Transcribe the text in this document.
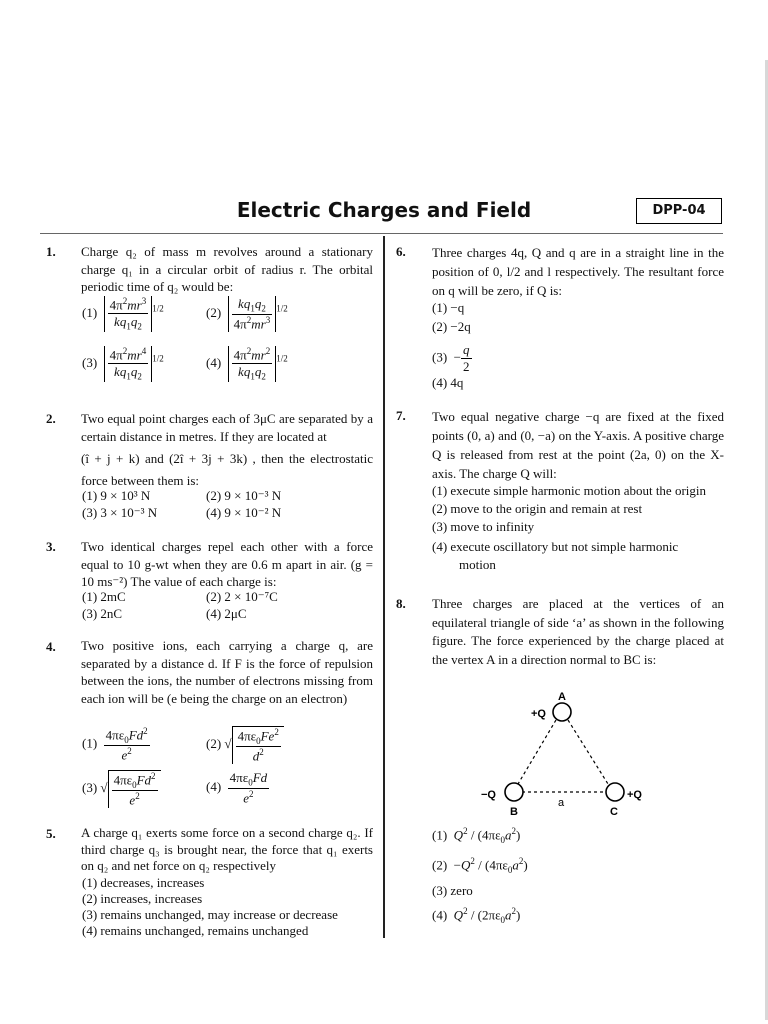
Electric Charges and Field	DPP-04
1. Charge q₂ of mass m revolves around a stationary charge q₁ in a circular orbit of radius r. The orbital periodic time of q₂ would be:
$(1) \frac{4\pi^2mr^3}{kq_1q_2} ^{1/2}$	$(2) \frac{kq_1q_2}{4\pi^2mr^3} ^{1/2}$
$(3) \frac{4\pi^2mr^4}{kq_1q_2} ^{1/2}$	$(4) \frac{4\pi^2mr^2}{kq_1q_2} ^{1/2}$
2. Two equal point charges each of 3μC are separated by a certain distance in metres. If they are located at
(î + j + k) and (2î + 3j + 3k) , then the electrostatic force between them is:
(1) 9 × 10³ N	(2) 9 × 10⁻³ N
(3) 3 × 10⁻³ N	(4) 9 × 10⁻² N
3. Two identical charges repel each other with a force equal to 10 g-wt when they are 0.6 m apart in air. (g = 10 ms⁻²) The value of each charge is:
(1) 2mC	(2) 2 × 10⁻⁷C
(3) 2nC	(4) 2μC
4. Two positive ions, each carrying a charge q, are separated by a distance d. If F is the force of repulsion between the ions, the number of electrons missing from each ion will be (e being the charge on an electron)
$(1) \frac{4\pi\varepsilon_0Fd^2}{e^2}$	(2) √ $\frac{4\pi\varepsilon_0Fe^2}{d^2}$
(3) √ $\frac{4\pi\varepsilon_0Fd^2}{e^2}$	$(4) \frac{4\pi\varepsilon_0Fd}{e^2}$
5. A charge q₁ exerts some force on a second charge q₂. If third charge q₃ is brought near, the force that q₁ exerts on q₂ and net force on q₂ respectively
(1) decreases, increases
(2) increases, increases
(3) remains unchanged, may increase or decrease
(4) remains unchanged, remains unchanged
6. Three charges 4q, Q and q are in a straight line in the position of 0, l/2 and l respectively. The resultant force on q will be zero, if Q is:
(1) −q
(2) −2q
$(3) - \frac{q}{2}$
(4) 4q
7. Two equal negative charge −q are fixed at the fixed points (0, a) and (0, −a) on the Y-axis. A positive charge Q is released from rest at the point (2a, 0) on the X-axis. The charge Q will:
(1) execute simple harmonic motion about the origin
(2) move to the origin and remain at rest
(3) move to infinity
(4) execute oscillatory but not simple harmonic
motion
8. Three charges are placed at the vertices of an equilateral triangle of side ‘a’ as shown in the following figure. The force experienced by the charge placed at the vertex A in a direction normal to BC is:
A
+Q
−Q
B
+Q
C
a
(1) $Q^2 / (4\pi\varepsilon_0a^2)$
$(2) -Q^2 / (4\pi\varepsilon_0a^2)$
(3) zero
(4) $Q^2 / (2\pi\varepsilon_0a^2)$
